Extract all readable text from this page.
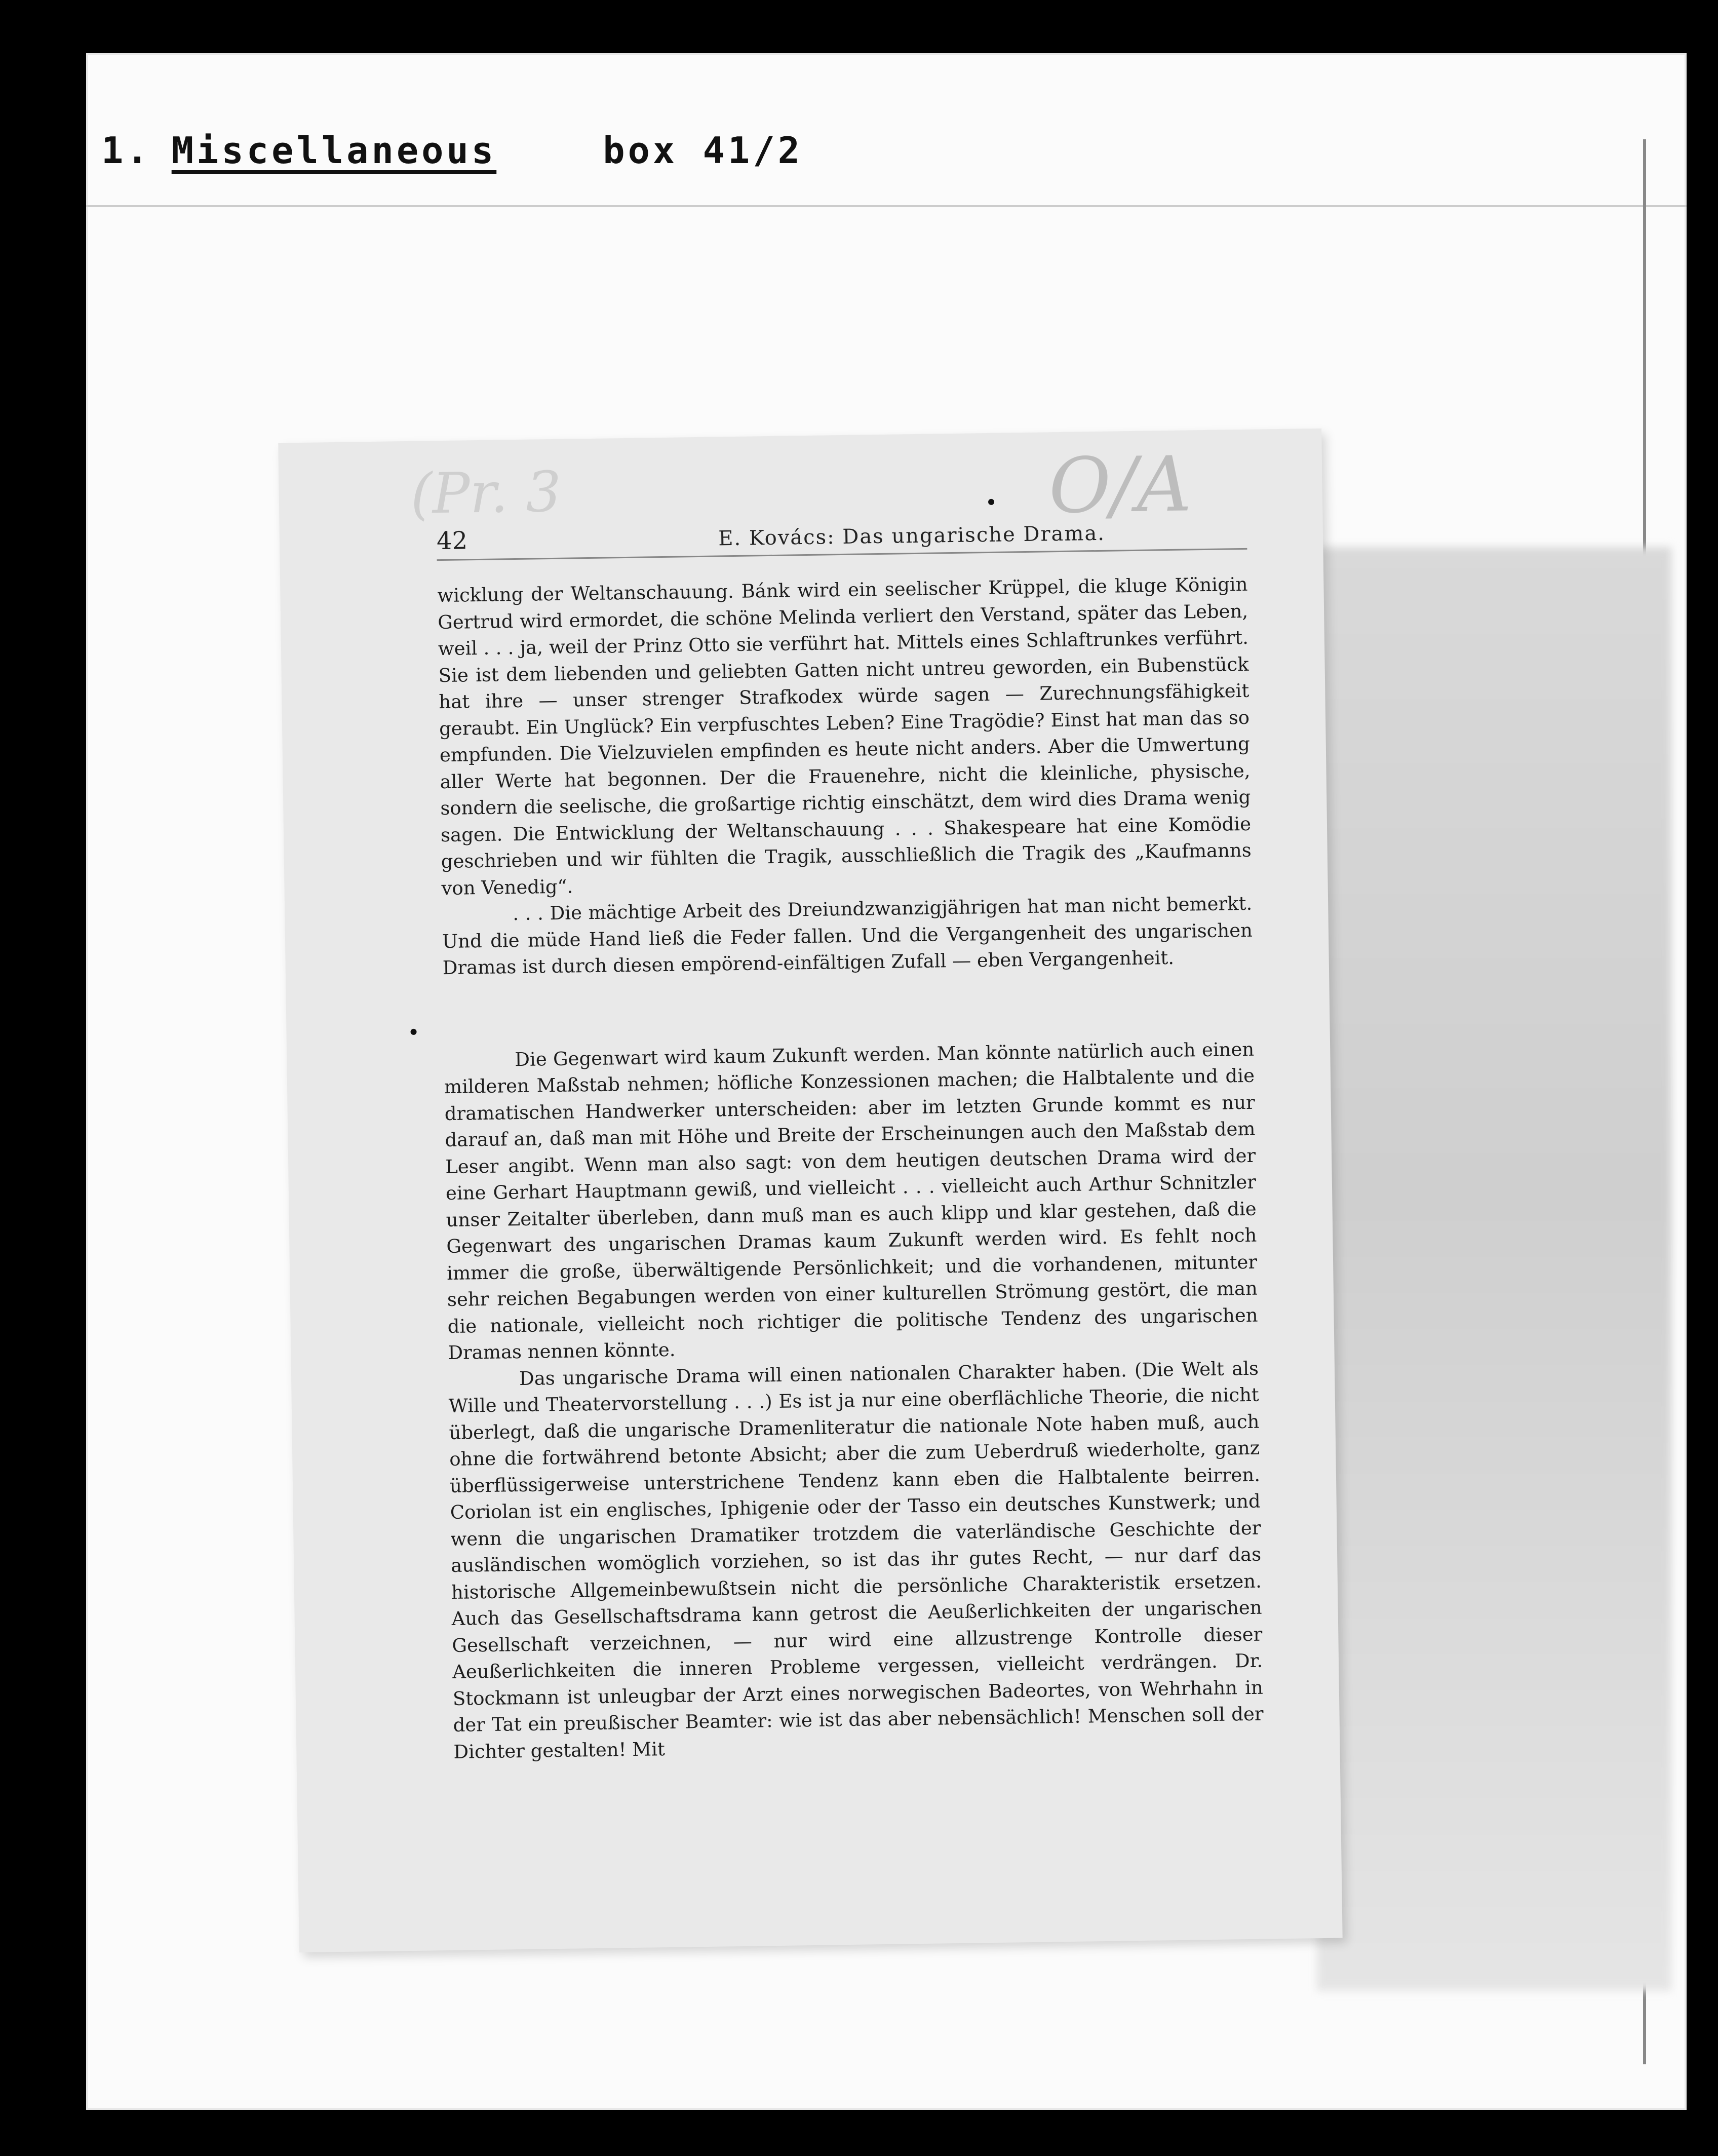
1. Miscellaneous	box 41/2
(Pr. 3	O/A
42	E. Kovács: Das ungarische Drama.

wicklung der Weltanschauung. Bánk wird ein seelischer Krüppel, die kluge Königin Gertrud wird ermordet, die schöne Melinda verliert den Verstand, später das Leben, weil . . . ja, weil der Prinz Otto sie verführt hat. Mittels eines Schlaftrunkes verführt. Sie ist dem liebenden und geliebten Gatten nicht untreu geworden, ein Bubenstück hat ihre — unser strenger Strafkodex würde sagen — Zurechnungsfähigkeit geraubt. Ein Unglück? Ein verpfuschtes Leben? Eine Tragödie? Einst hat man das so empfunden. Die Vielzuvielen empfinden es heute nicht anders. Aber die Umwertung aller Werte hat begonnen. Der die Frauenehre, nicht die kleinliche, physische, sondern die seelische, die großartige richtig einschätzt, dem wird dies Drama wenig sagen. Die Entwicklung der Weltanschauung . . . Shakespeare hat eine Komödie geschrieben und wir fühlten die Tragik, ausschließlich die Tragik des „Kaufmanns von Venedig“.

. . . Die mächtige Arbeit des Dreiundzwanzigjährigen hat man nicht bemerkt. Und die müde Hand ließ die Feder fallen. Und die Vergangenheit des ungarischen Dramas ist durch diesen empörend-einfältigen Zufall — eben Vergangenheit.

Die Gegenwart wird kaum Zukunft werden. Man könnte natürlich auch einen milderen Maßstab nehmen; höfliche Konzessionen machen; die Halbtalente und die dramatischen Handwerker unterscheiden: aber im letzten Grunde kommt es nur darauf an, daß man mit Höhe und Breite der Erscheinungen auch den Maßstab dem Leser angibt. Wenn man also sagt: von dem heutigen deutschen Drama wird der eine Gerhart Hauptmann gewiß, und vielleicht . . . vielleicht auch Arthur Schnitzler unser Zeitalter überleben, dann muß man es auch klipp und klar gestehen, daß die Gegenwart des ungarischen Dramas kaum Zukunft werden wird. Es fehlt noch immer die große, überwältigende Persönlichkeit; und die vorhandenen, mitunter sehr reichen Begabungen werden von einer kulturellen Strömung gestört, die man die nationale, vielleicht noch richtiger die politische Tendenz des ungarischen Dramas nennen könnte.

Das ungarische Drama will einen nationalen Charakter haben. (Die Welt als Wille und Theatervorstellung . . .) Es ist ja nur eine oberflächliche Theorie, die nicht überlegt, daß die ungarische Dramenliteratur die nationale Note haben muß, auch ohne die fortwährend betonte Absicht; aber die zum Ueberdruß wiederholte, ganz überflüssigerweise unterstrichene Tendenz kann eben die Halbtalente beirren. Coriolan ist ein englisches, Iphigenie oder der Tasso ein deutsches Kunstwerk; und wenn die ungarischen Dramatiker trotzdem die vaterländische Geschichte der ausländischen womöglich vorziehen, so ist das ihr gutes Recht, — nur darf das historische Allgemeinbewußtsein nicht die persönliche Charakteristik ersetzen. Auch das Gesellschaftsdrama kann getrost die Aeußerlichkeiten der ungarischen Gesellschaft verzeichnen, — nur wird eine allzustrenge Kontrolle dieser Aeußerlichkeiten die inneren Probleme vergessen, vielleicht verdrängen. Dr. Stockmann ist unleugbar der Arzt eines norwegischen Badeortes, von Wehrhahn in der Tat ein preußischer Beamter: wie ist das aber nebensächlich! Menschen soll der Dichter gestalten! Mit
